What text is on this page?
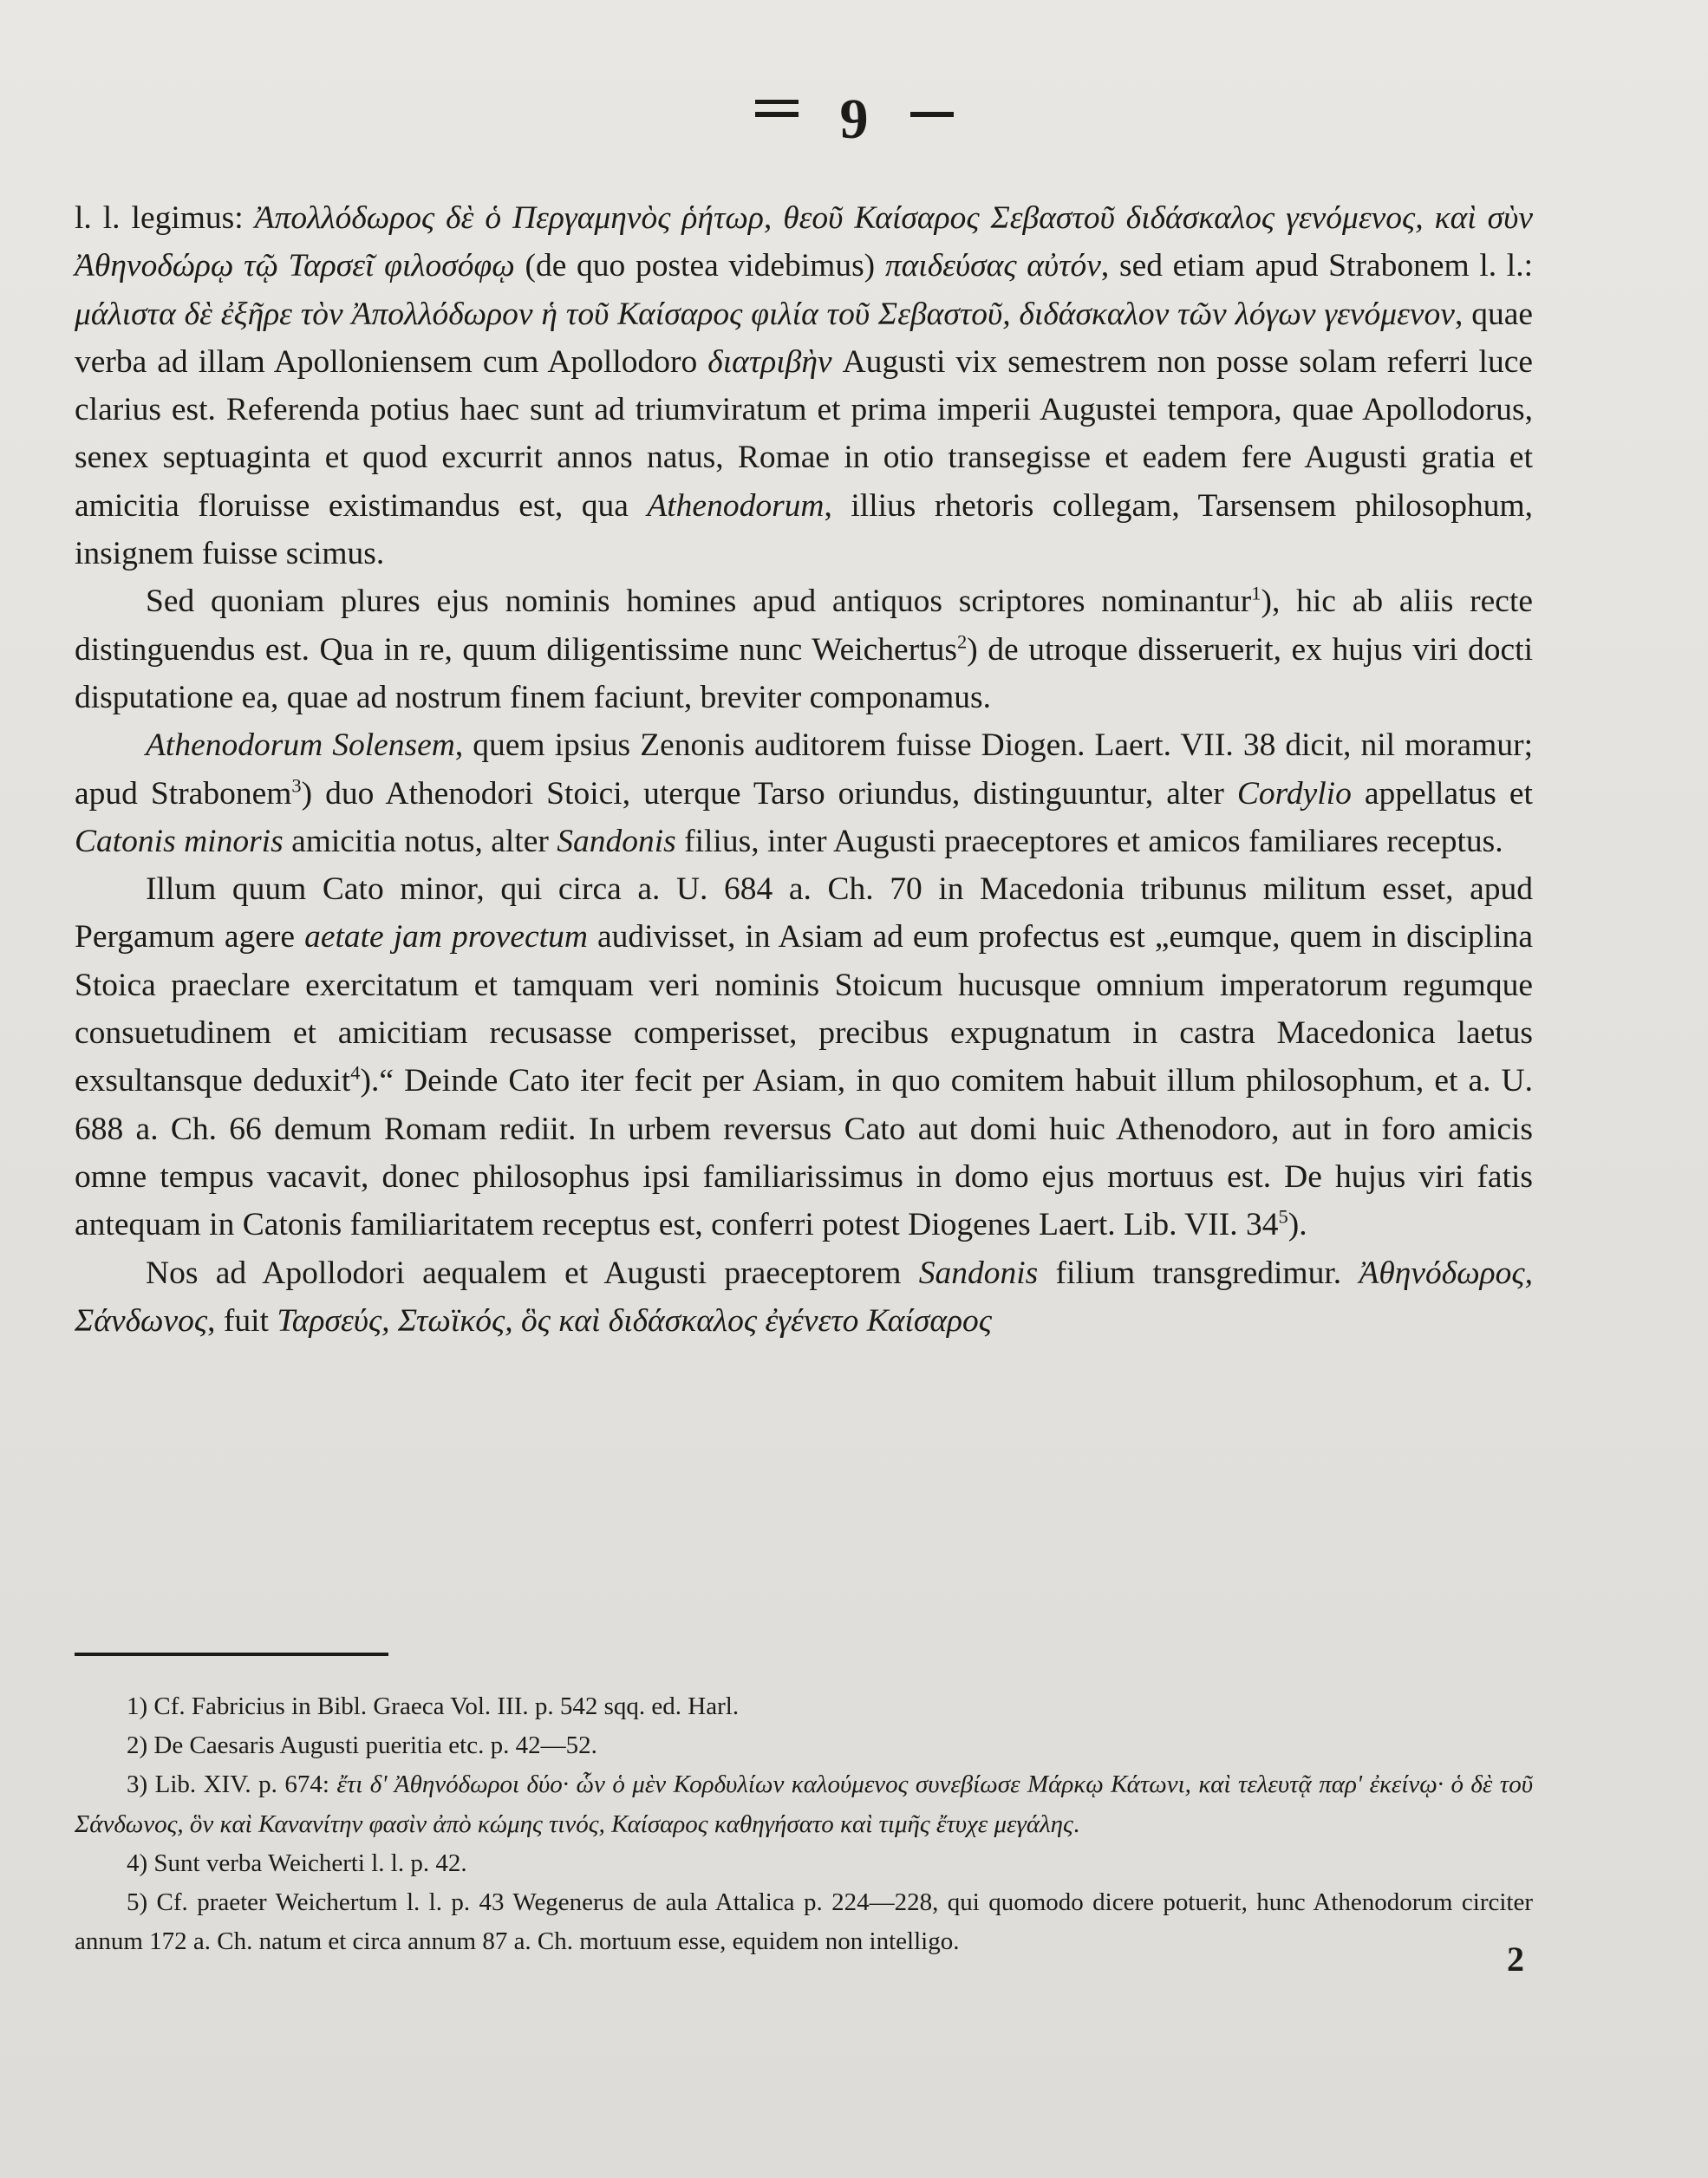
9

l. l. legimus: Ἀπολλόδωρος δὲ ὁ Περγαμηνὸς ῥήτωρ, θεοῦ Καίσαρος Σεβαστοῦ διδάσκαλος γενόμενος, καὶ σὺν Ἀθηνοδώρῳ τῷ Ταρσεῖ φιλοσόφῳ (de quo postea videbimus) παιδεύσας αὐτόν, sed etiam apud Strabonem l. l.: μάλιστα δὲ ἐξῆρε τὸν Ἀπολλόδωρον ἡ τοῦ Καίσαρος φιλία τοῦ Σεβαστοῦ, διδάσκαλον τῶν λόγων γενόμενον, quae verba ad illam Apolloniensem cum Apollodoro διατριβὴν Augusti vix semestrem non posse solam referri luce clarius est. Referenda potius haec sunt ad triumviratum et prima imperii Augustei tempora, quae Apollodorus, senex septuaginta et quod excurrit annos natus, Romae in otio transegisse et eadem fere Augusti gratia et amicitia floruisse existimandus est, qua Athenodorum, illius rhetoris collegam, Tarsensem philosophum, insignem fuisse scimus.

Sed quoniam plures ejus nominis homines apud antiquos scriptores nominantur$^1$), hic ab aliis recte distinguendus est. Qua in re, quum diligentissime nunc Weichertus$^2$) de utroque disseruerit, ex hujus viri docti disputatione ea, quae ad nostrum finem faciunt, breviter componamus.

Athenodorum Solensem, quem ipsius Zenonis auditorem fuisse Diogen. Laert. VII. 38 dicit, nil moramur; apud Strabonem$^3$) duo Athenodori Stoici, uterque Tarso oriundus, distinguuntur, alter Cordylio appellatus et Catonis minoris amicitia notus, alter Sandonis filius, inter Augusti praeceptores et amicos familiares receptus.

Illum quum Cato minor, qui circa a. U. 684 a. Ch. 70 in Macedonia tribunus militum esset, apud Pergamum agere aetate jam provectum audivisset, in Asiam ad eum profectus est „eumque, quem in disciplina Stoica praeclare exercitatum et tamquam veri nominis Stoicum hucusque omnium imperatorum regumque consuetudinem et amicitiam recusasse comperisset, precibus expugnatum in castra Macedonica laetus exsultansque deduxit$^4$).“ Deinde Cato iter fecit per Asiam, in quo comitem habuit illum philosophum, et a. U. 688 a. Ch. 66 demum Romam rediit. In urbem reversus Cato aut domi huic Athenodoro, aut in foro amicis omne tempus vacavit, donec philosophus ipsi familiarissimus in domo ejus mortuus est. De hujus viri fatis antequam in Catonis familiaritatem receptus est, conferri potest Diogenes Laert. Lib. VII. $34^5$).

Nos ad Apollodori aequalem et Augusti praeceptorem Sandonis filium transgredimur. Ἀθηνόδωρος, Σάνδωνος, fuit Ταρσεύς, Στωϊκός, ὃς καὶ διδάσκαλος ἐγένετο Καίσαρος

1) Cf. Fabricius in Bibl. Graeca Vol. III. p. 542 sqq. ed. Harl.

2) De Caesaris Augusti pueritia etc. p. 42—52.

3) Lib. XIV. p. 674: ἔτι δ' Ἀθηνόδωροι δύο· ὧν ὁ μὲν Κορδυλίων καλούμενος συνεβίωσε Μάρκῳ Κάτωνι, καὶ τελευτᾷ παρ' ἐκείνῳ· ὁ δὲ τοῦ Σάνδωνος, ὃν καὶ Κανανίτην φασὶν ἀπὸ κώμης τινός, Καίσαρος καθηγήσατο καὶ τιμῆς ἔτυχε μεγάλης.

4) Sunt verba Weicherti l. l. p. 42.

5) Cf. praeter Weichertum l. l. p. 43 Wegenerus de aula Attalica p. 224—228, qui quomodo dicere potuerit, hunc Athenodorum circiter annum 172 a. Ch. natum et circa annum 87 a. Ch. mortuum esse, equidem non intelligo.	2
